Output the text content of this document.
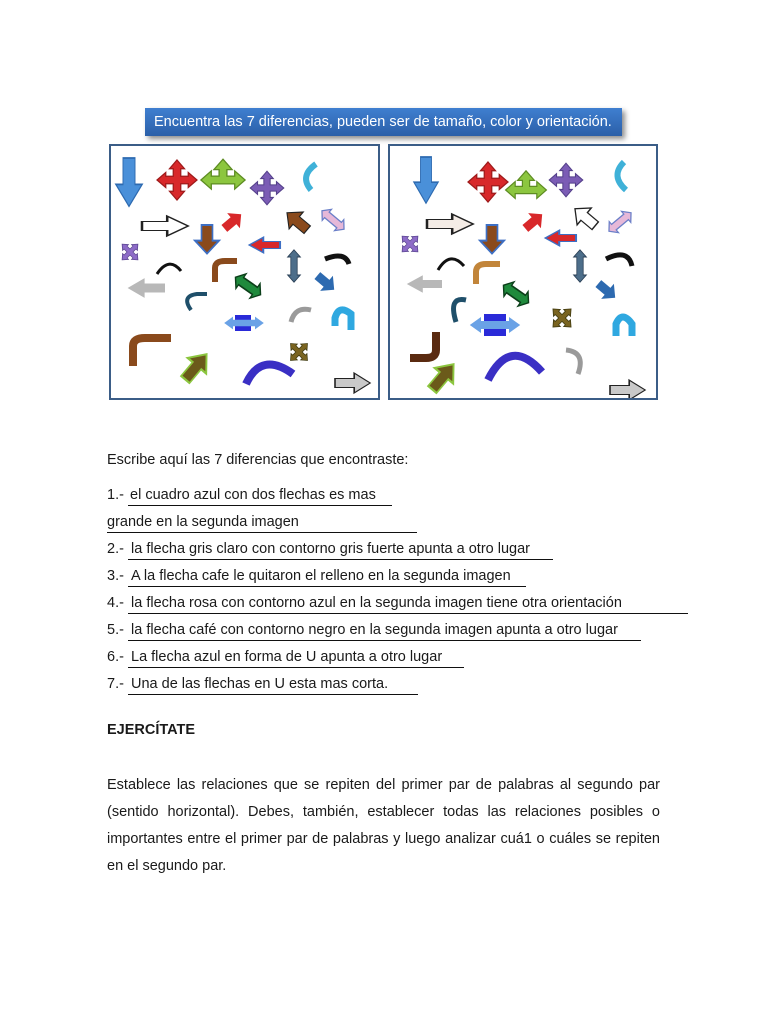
Encuentra las 7 diferencias, pueden ser de tamaño, color y orientación.
Escribe aquí las 7 diferencias que encontraste:
1.- el cuadro azul con dos flechas es mas
grande en la segunda imagen
2.- la flecha gris claro con contorno gris fuerte apunta a otro lugar
3.- A la flecha cafe le quitaron el relleno en la segunda imagen
4.- la flecha rosa con contorno azul en la segunda imagen tiene otra orientación
5.- la flecha café con contorno negro en la segunda imagen apunta a otro lugar
6.- La flecha azul en forma de U apunta a otro lugar
7.- Una de las flechas en U esta mas corta.
EJERCÍTATE
Establece las relaciones que se repiten del primer par de palabras al segundo par (sentido horizontal). Debes, también, establecer todas las relaciones posibles o importantes entre el primer par de palabras y luego analizar cuá1 o cuáles se repiten en el segundo par.
